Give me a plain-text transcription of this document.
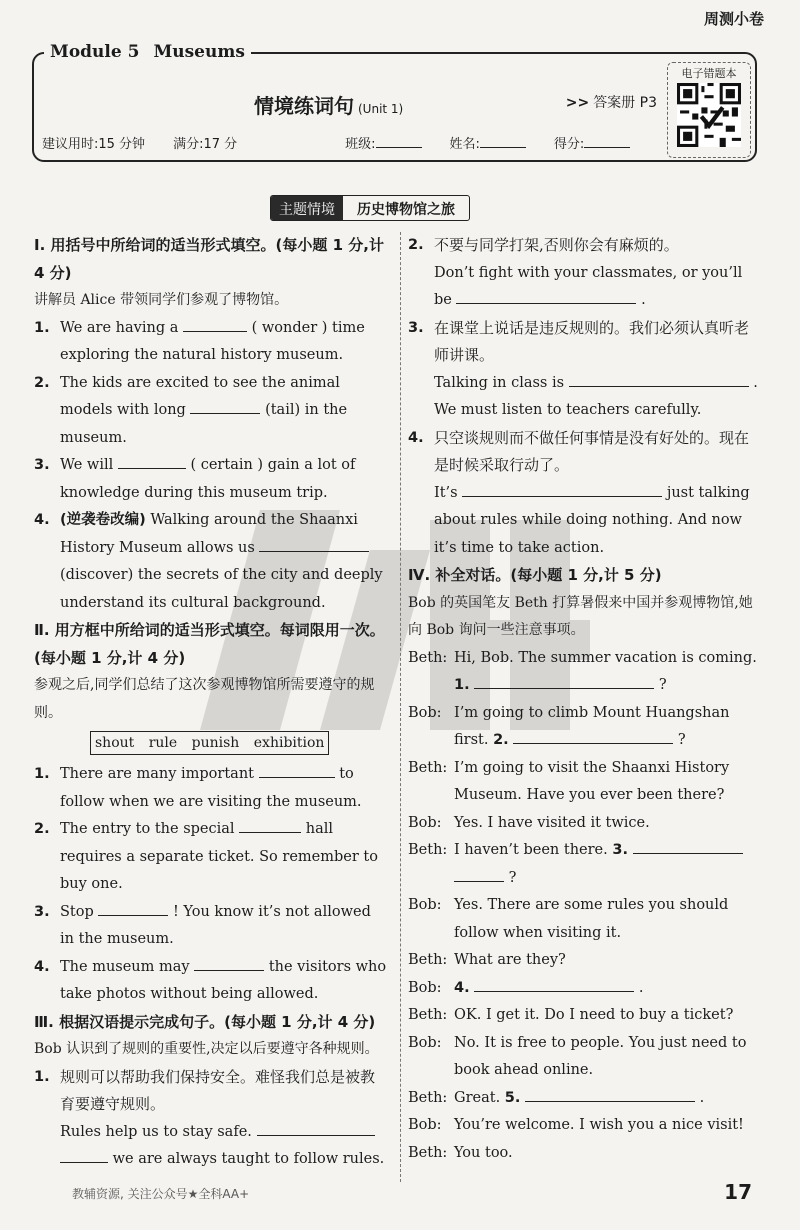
周测小卷
Module 5 Museums
情境练词句 (Unit 1)	>> 答案册 P3
电子错题本
建议用时:15 分钟 满分:17 分	班级:	姓名:	得分:
主题情境	历史博物馆之旅
Ⅰ. 用括号中所给词的适当形式填空。(每小题 1 分,计 4 分)
讲解员 Alice 带领同学们参观了博物馆。
1. We are having a	( wonder ) time exploring the natural history museum.
2. The kids are excited to see the animal models with long	(tail) in the museum.
3. We will	( certain ) gain a lot of knowledge during this museum trip.
4. (逆袭卷改编) Walking around the Shaanxi History Museum allows us  (discover) the secrets of the city and deeply understand its cultural background.
Ⅱ. 用方框中所给词的适当形式填空。每词限用一次。(每小题 1 分,计 4 分)
参观之后,同学们总结了这次参观博物馆所需要遵守的规则。
shout rule punish exhibition
1. There are many important	to follow when we are visiting the museum.
2. The entry to the special	hall requires a separate ticket. So remember to buy one.
3. Stop	! You know it’s not allowed in the museum.
4. The museum may	the visitors who take photos without being allowed.
Ⅲ. 根据汉语提示完成句子。(每小题 1 分,计 4 分)
Bob 认识到了规则的重要性,决定以后要遵守各种规则。
1. 规则可以帮助我们保持安全。难怪我们总是被教育要遵守规则。
Rules help us to stay safe.   we are always taught to follow rules.
2. 不要与同学打架,否则你会有麻烦的。
Don’t fight with your classmates, or you’ll be	.
3. 在课堂上说话是违反规则的。我们必须认真听老师讲课。
Talking in class is	.
We must listen to teachers carefully.
4. 只空谈规则而不做任何事情是没有好处的。现在是时候采取行动了。
It’s	just talking about rules while doing nothing. And now it’s time to take action.
Ⅳ. 补全对话。(每小题 1 分,计 5 分)
Bob 的英国笔友 Beth 打算暑假来中国并参观博物馆,她向 Bob 询问一些注意事项。
Beth: Hi, Bob. The summer vacation is coming.
1.	?
Bob: I’m going to climb Mount Huangshan first. 2.	?
Beth: I’m going to visit the Shaanxi History Museum. Have you ever been there?
Bob: Yes. I have visited it twice.
Beth: I haven’t been there. 3.   ?
Bob: Yes. There are some rules you should follow when visiting it.
Beth: What are they?
Bob: 4.	.
Beth: OK. I get it. Do I need to buy a ticket?
Bob: No. It is free to people. You just need to book ahead online.
Beth: Great. 5.	.
Bob: You’re welcome. I wish you a nice visit!
Beth: You too.
教辅资源, 关注公众号★全科AA+	17
